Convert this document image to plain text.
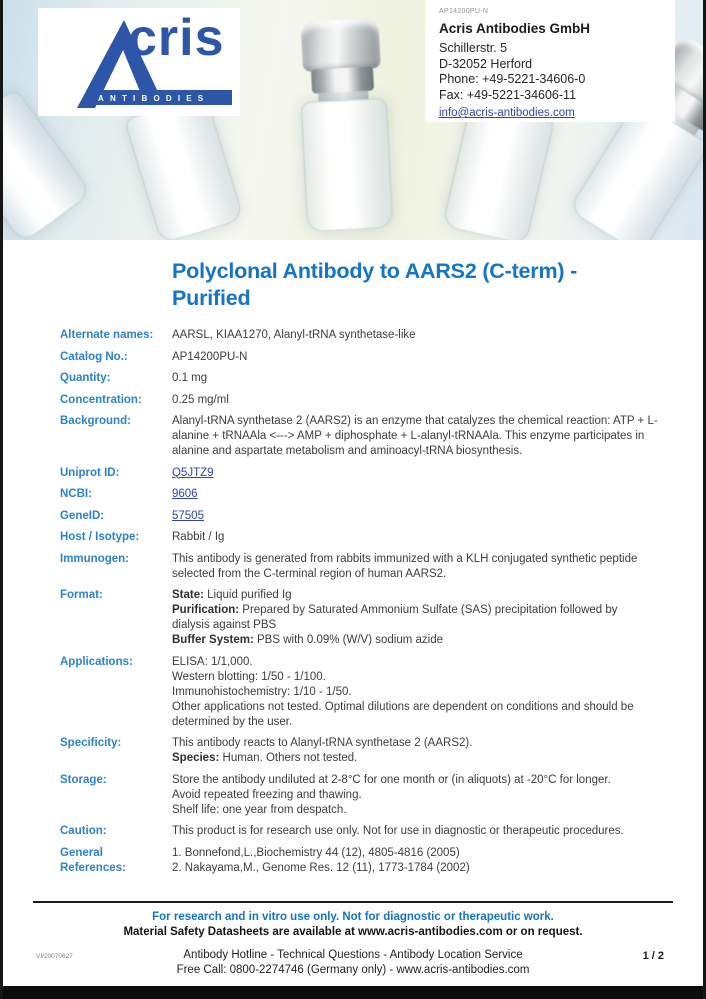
cris
ANTIBODIES
AP14200PU-N
Acris Antibodies GmbH
Schillerstr. 5
D-32052 Herford
Phone: +49-5221-34606-0
Fax: +49-5221-34606-11
info@acris-antibodies.com
Polyclonal Antibody to AARS2 (C-term) - Purified
Alternate names:	AARSL, KIAA1270, Alanyl-tRNA synthetase-like
Catalog No.:	AP14200PU-N
Quantity:	0.1 mg
Concentration:	0.25 mg/ml
Background:	Alanyl-tRNA synthetase 2 (AARS2) is an enzyme that catalyzes the chemical reaction: ATP + L-alanine + tRNAAla <---> AMP + diphosphate + L-alanyl-tRNAAla. This enzyme participates in alanine and aspartate metabolism and aminoacyl-tRNA biosynthesis.
Uniprot ID:	Q5JTZ9
NCBI:	9606
GeneID:	57505
Host / Isotype:	Rabbit / Ig
Immunogen:	This antibody is generated from rabbits immunized with a KLH conjugated synthetic peptide selected from the C-terminal region of human AARS2.
Format:	State: Liquid purified Ig
Purification: Prepared by Saturated Ammonium Sulfate (SAS) precipitation followed by dialysis against PBS
Buffer System: PBS with 0.09% (W/V) sodium azide
Applications:	ELISA: 1/1,000.
Western blotting: 1/50 - 1/100.
Immunohistochemistry: 1/10 - 1/50.
Other applications not tested. Optimal dilutions are dependent on conditions and should be determined by the user.
Specificity:	This antibody reacts to Alanyl-tRNA synthetase 2 (AARS2).
Species: Human. Others not tested.
Storage:	Store the antibody undiluted at 2-8°C for one month or (in aliquots) at -20°C for longer.
Avoid repeated freezing and thawing.
Shelf life: one year from despatch.
Caution:	This product is for research use only. Not for use in diagnostic or therapeutic procedures.
General References:
1. Bonnefond,L.,Biochemistry 44 (12), 4805-4816 (2005)
2. Nakayama,M., Genome Res. 12 (11), 1773-1784 (2002)
For research and in vitro use only. Not for diagnostic or therapeutic work.
Material Safety Datasheets are available at www.acris-antibodies.com or on request.
Antibody Hotline - Technical Questions - Antibody Location Service
Free Call: 0800-2274746 (Germany only) - www.acris-antibodies.com
VI/20070627	1 / 2
